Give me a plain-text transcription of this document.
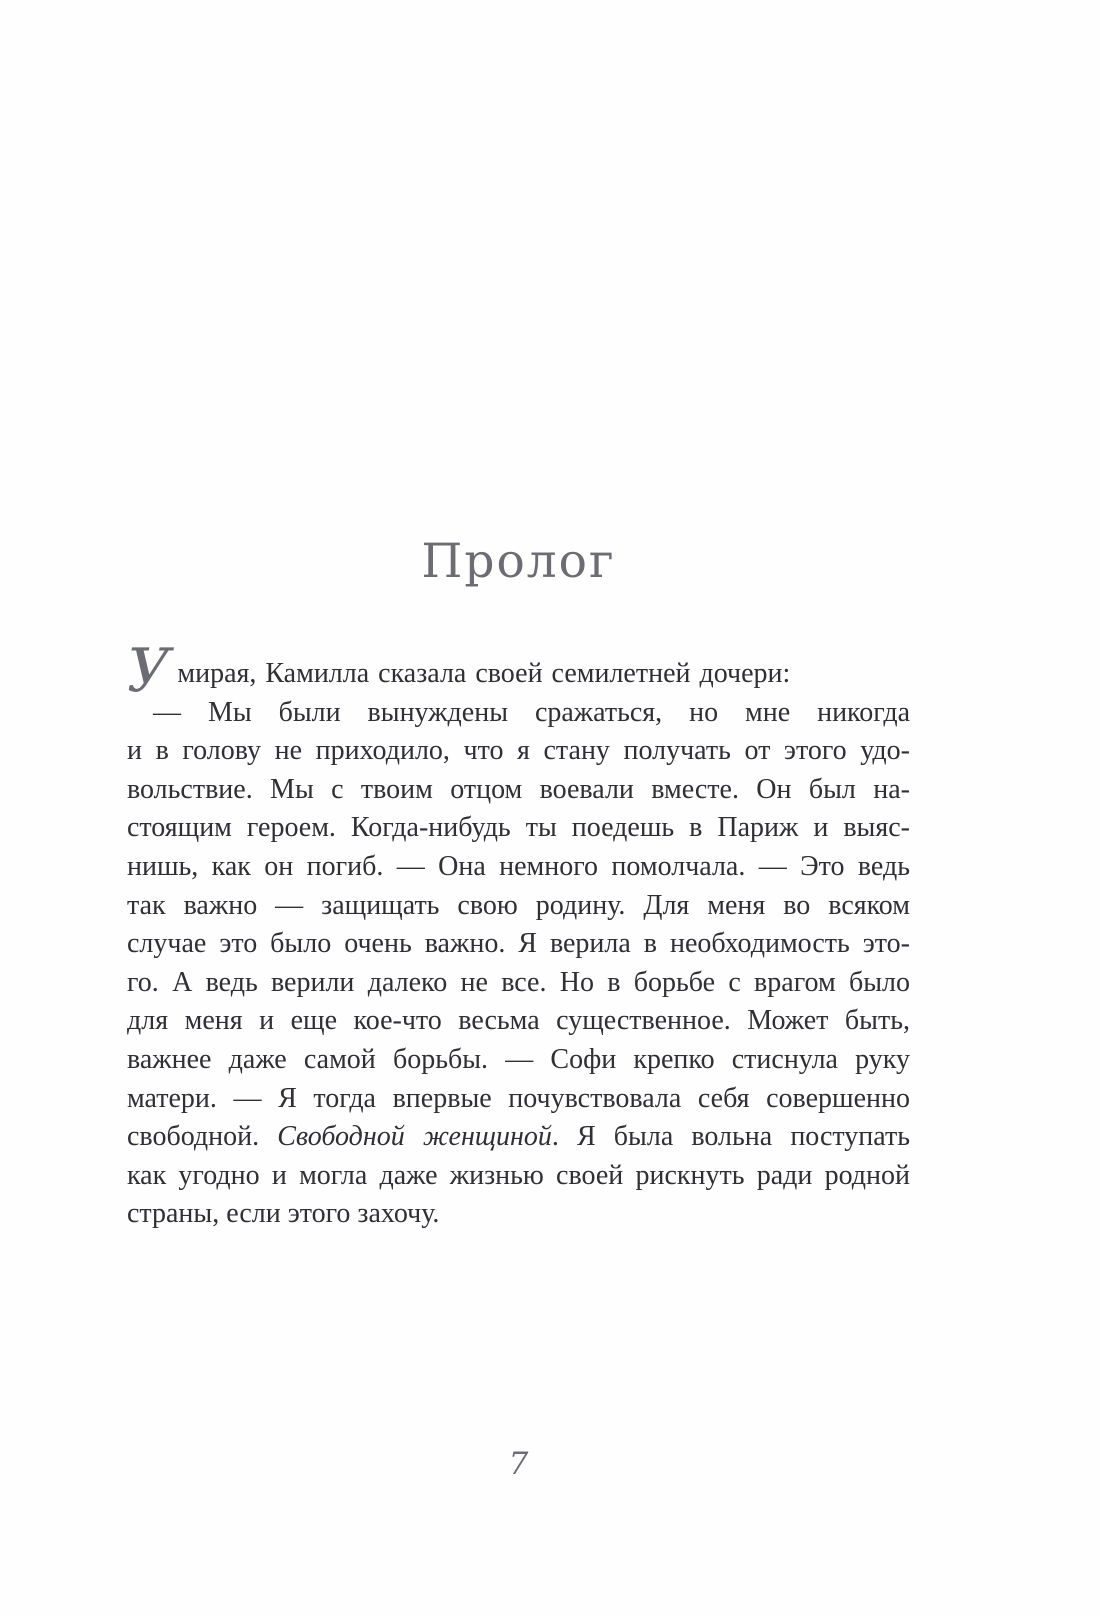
Пролог
Умирая, Камилла сказала своей семилетней дочери:
— Мы были вынуждены сражаться, но мне никогда
и в голову не приходило, что я стану получать от этого удо-
вольствие. Мы с твоим отцом воевали вместе. Он был на-
стоящим героем. Когда-нибудь ты поедешь в Париж и выяс-
нишь, как он погиб. — Она немного помолчала. — Это ведь
так важно — защищать свою родину. Для меня во всяком
случае это было очень важно. Я верила в необходимость это-
го. А ведь верили далеко не все. Но в борьбе с врагом было
для меня и еще кое-что весьма существенное. Может быть,
важнее даже самой борьбы. — Софи крепко стиснула руку
матери. — Я тогда впервые почувствовала себя совершенно
свободной. Свободной женщиной. Я была вольна поступать
как угодно и могла даже жизнью своей рискнуть ради родной
страны, если этого захочу.
7
